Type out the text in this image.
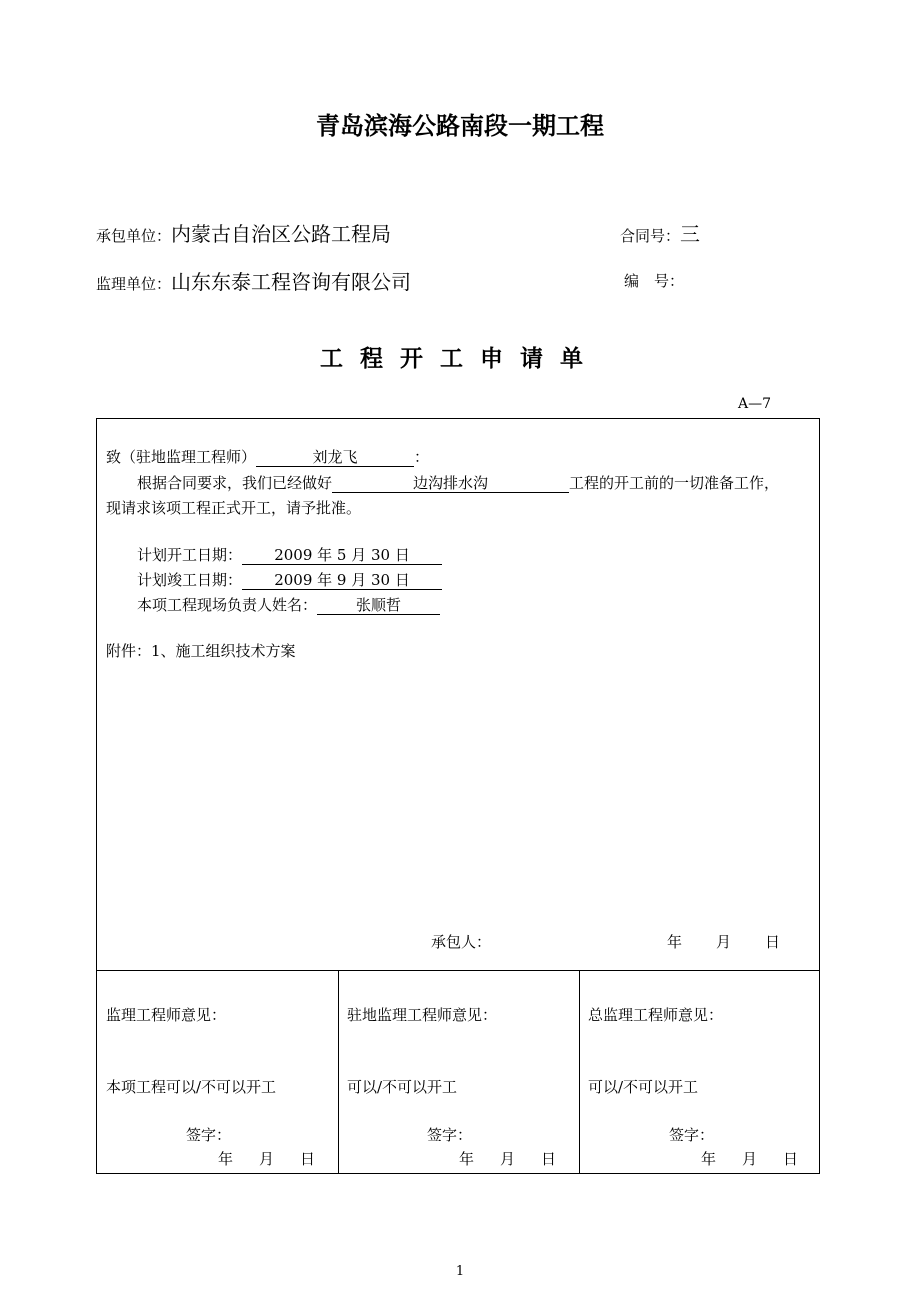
青岛滨海公路南段一期工程
承包单位：内蒙古自治区公路工程局	合同号：三
监理单位：山东东泰工程咨询有限公司	编　号：
工程开工申请单
A—7
致（驻地监理工程师）	刘龙飞	：
根据合同要求，我们已经做好	边沟排水沟	工程的开工前的一切准备工作，
现请求该项工程正式开工，请予批准。
计划开工日期： 2009 年 5 月 30 日
计划竣工日期： 2009 年 9 月 30 日
本项工程现场负责人姓名：	张顺哲
附件：1、施工组织技术方案
承包人：	年 月 日
监理工程师意见：
本项工程可以/不可以开工
签字：
年 月 日
驻地监理工程师意见：
可以/不可以开工
签字：
年 月 日
总监理工程师意见：
可以/不可以开工
签字：
年 月 日
1
